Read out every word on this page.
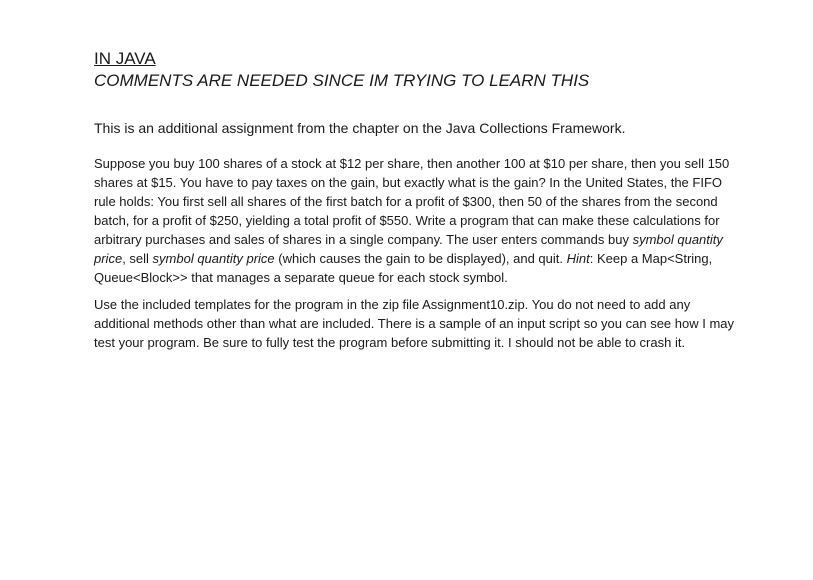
IN JAVA

COMMENTS ARE NEEDED SINCE IM TRYING TO LEARN THIS

This is an additional assignment from the chapter on the Java Collections Framework.

Suppose you buy 100 shares of a stock at $12 per share, then another 100 at $10 per share, then you sell 150 shares at $15. You have to pay taxes on the gain, but exactly what is the gain? In the United States, the FIFO rule holds: You first sell all shares of the first batch for a profit of $300, then 50 of the shares from the second batch, for a profit of $250, yielding a total profit of $550. Write a program that can make these calculations for arbitrary purchases and sales of shares in a single company. The user enters commands buy symbol quantity price, sell symbol quantity price (which causes the gain to be displayed), and quit. Hint: Keep a Map<String, Queue<Block>> that manages a separate queue for each stock symbol.

Use the included templates for the program in the zip file Assignment10.zip. You do not need to add any additional methods other than what are included. There is a sample of an input script so you can see how I may test your program. Be sure to fully test the program before submitting it. I should not be able to crash it.
